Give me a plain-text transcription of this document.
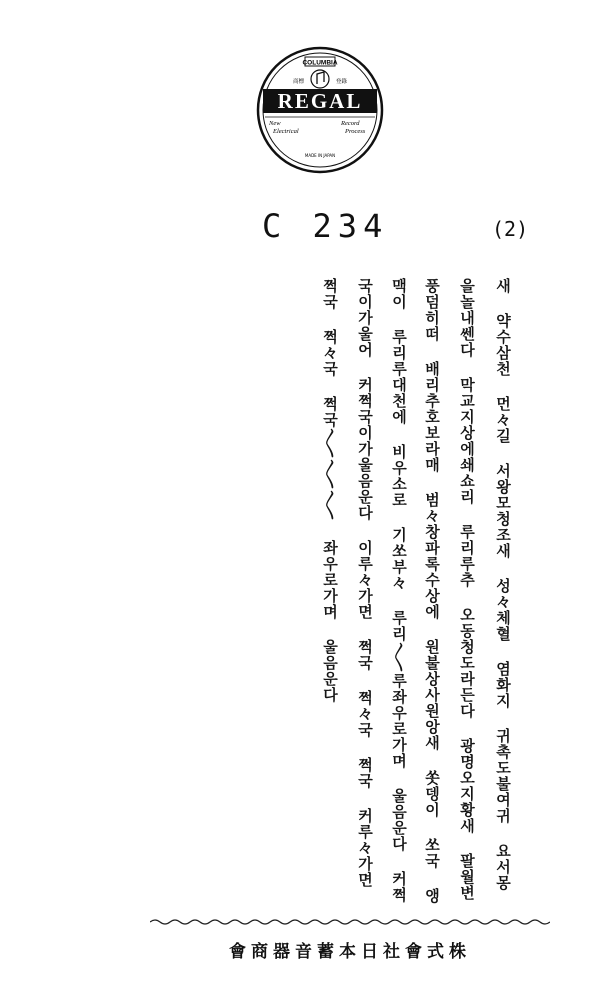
COLUMBIA
商標	登錄
REGAL
New
Electrical
Record
Process
MADE IN JAPAN
C 234	(2)
새 약수삼천 먼々길 서왕모청조새 성々체혈 염화지 귀촉도불여귀 요서몽
을놀내쎈다 막교지상에쇄쇼리 루리루추 오동청도라든다 광명오지황새 팔월변
풍덤히떠 배리추호보라매 범々창파록수상에 원불상사원앙새 쏫뎅이 쏘국 앵
맥이 루리루대천에 비우소로 기쏘부々 루리〱루좌우로가며 울음운다 커쩍
국이가울어 커쩍국이가울음운다 이루々가면 쩍국 쩍々국 쩍국 커루々가면
쩍국 쩍々국 쩍국〱〱〱 좌우로가며 울음운다
會商器音蓄本日社會式株
